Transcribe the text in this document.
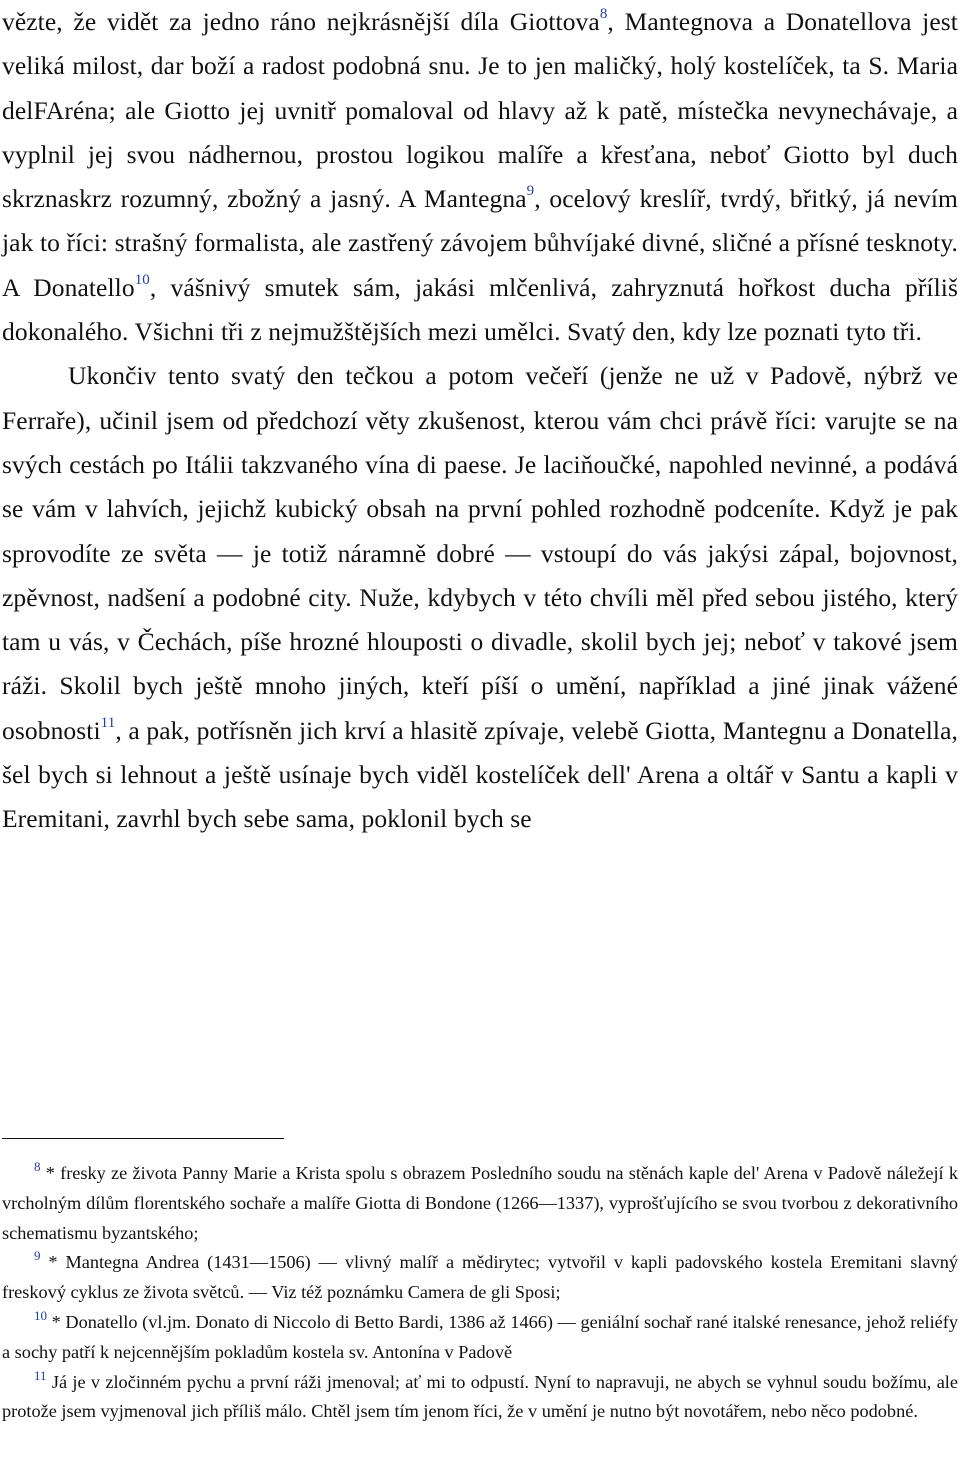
vězte, že vidět za jedno ráno nejkrásnější díla Giottova$^8$, Mantegnova a Donatellova jest veliká milost, dar boží a radost podobná snu. Je to jen maličký, holý kostelíček, ta S. Maria delFAréna; ale Giotto jej uvnitř pomaloval od hlavy až k patě, místečka nevynechávaje, a vyplnil jej svou nádhernou, prostou logikou malíře a křesťana, neboť Giotto byl duch skrznaskrz rozumný, zbožný a jasný. A Mantegna$^9$, ocelový kreslíř, tvrdý, břitký, já nevím jak to říci: strašný formalista, ale zastřený závojem bůhvíjaké divné, sličné a přísné tesknoty. A Donatello$^{10}$, vášnivý smutek sám, jakási mlčenlivá, zahryznutá hořkost ducha příliš dokonalého. Všichni tři z nejmužštějších mezi umělci. Svatý den, kdy lze poznati tyto tři.

Ukončiv tento svatý den tečkou a potom večeří (jenže ne už v Padově, nýbrž ve Ferraře), učinil jsem od předchozí věty zkušenost, kterou vám chci právě říci: varujte se na svých cestách po Itálii takzvaného vína di paese. Je laciňoučké, napohled nevinné, a podává se vám v lahvích, jejichž kubický obsah na první pohled rozhodně podceníte. Když je pak sprovodíte ze světa — je totiž náramně dobré — vstoupí do vás jakýsi zápal, bojovnost, zpěvnost, nadšení a podobné city. Nuže, kdybych v této chvíli měl před sebou jistého, který tam u vás, v Čechách, píše hrozné hlouposti o divadle, skolil bych jej; neboť v takové jsem ráži. Skolil bych ještě mnoho jiných, kteří píší o umění, například a jiné jinak vážené osobnosti$^{11}$, a pak, potřísněn jich krví a hlasitě zpívaje, velebě Giotta, Mantegnu a Donatella, šel bych si lehnout a ještě usínaje bych viděl kostelíček dell' Arena a oltář v Santu a kapli v Eremitani, zavrhl bych sebe sama, poklonil bych se

$^8$ * fresky ze života Panny Marie a Krista spolu s obrazem Posledního soudu na stěnách kaple del' Arena v Padově náležejí k vrcholným dílům florentského sochaře a malíře Giotta di Bondone (1266—1337), vyprošťujícího se svou tvorbou z dekorativního schematismu byzantského;

$^9$ * Mantegna Andrea (1431—1506) — vlivný malíř a mědirytec; vytvořil v kapli padovského kostela Eremitani slavný freskový cyklus ze života světců. — Viz též poznámku Camera de gli Sposi;

$^{10}$ * Donatello (vl.jm. Donato di Niccolo di Betto Bardi, 1386 až 1466) — geniální sochař rané italské renesance, jehož reliéfy a sochy patří k nejcennějším pokladům kostela sv. Antonína v Padově

$^{11}$ Já je v zločinném pychu a první ráži jmenoval; ať mi to odpustí. Nyní to napravuji, ne abych se vyhnul soudu božímu, ale protože jsem vyjmenoval jich příliš málo. Chtěl jsem tím jenom říci, že v umění je nutno být novotářem, nebo něco podobné.
